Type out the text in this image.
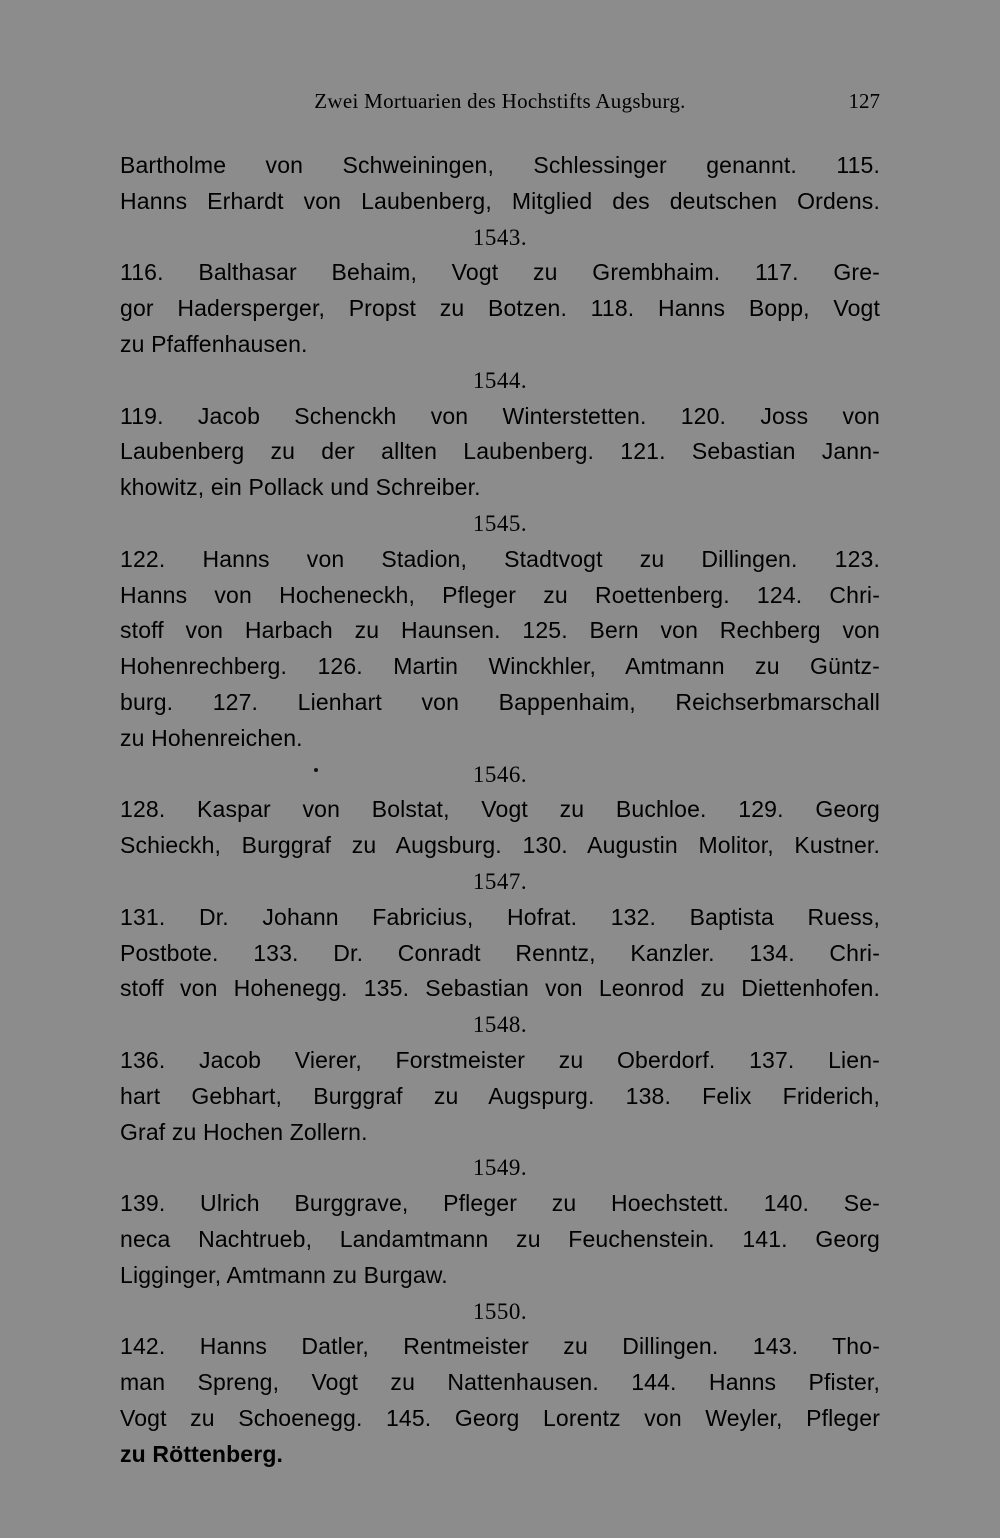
Zwei Mortuarien des Hochstifts Augsburg.	127
Bartholme von Schweiningen, Schlessinger genannt. 115.
Hanns Erhardt von Laubenberg, Mitglied des deutschen Ordens.
1543.
116. Balthasar Behaim, Vogt zu Grembhaim. 117. Gre-
gor Hadersperger, Propst zu Botzen. 118. Hanns Bopp, Vogt
zu Pfaffenhausen.
1544.
119. Jacob Schenckh von Winterstetten. 120. Joss von
Laubenberg zu der allten Laubenberg. 121. Sebastian Jann-
khowitz, ein Pollack und Schreiber.
1545.
122. Hanns von Stadion, Stadtvogt zu Dillingen. 123.
Hanns von Hocheneckh, Pfleger zu Roettenberg. 124. Chri-
stoff von Harbach zu Haunsen. 125. Bern von Rechberg von
Hohenrechberg. 126. Martin Winckhler, Amtmann zu Güntz-
burg. 127. Lienhart von Bappenhaim, Reichserbmarschall
zu Hohenreichen.
1546.
128. Kaspar von Bolstat, Vogt zu Buchloe. 129. Georg
Schieckh, Burggraf zu Augsburg. 130. Augustin Molitor, Kustner.
1547.
131. Dr. Johann Fabricius, Hofrat. 132. Baptista Ruess,
Postbote. 133. Dr. Conradt Renntz, Kanzler. 134. Chri-
stoff von Hohenegg. 135. Sebastian von Leonrod zu Diettenhofen.
1548.
136. Jacob Vierer, Forstmeister zu Oberdorf. 137. Lien-
hart Gebhart, Burggraf zu Augspurg. 138. Felix Friderich,
Graf zu Hochen Zollern.
1549.
139. Ulrich Burggrave, Pfleger zu Hoechstett. 140. Se-
neca Nachtrueb, Landamtmann zu Feuchenstein. 141. Georg
Ligginger, Amtmann zu Burgaw.
1550.
142. Hanns Datler, Rentmeister zu Dillingen. 143. Tho-
man Spreng, Vogt zu Nattenhausen. 144. Hanns Pfister,
Vogt zu Schoenegg. 145. Georg Lorentz von Weyler, Pfleger
zu Röttenberg.
